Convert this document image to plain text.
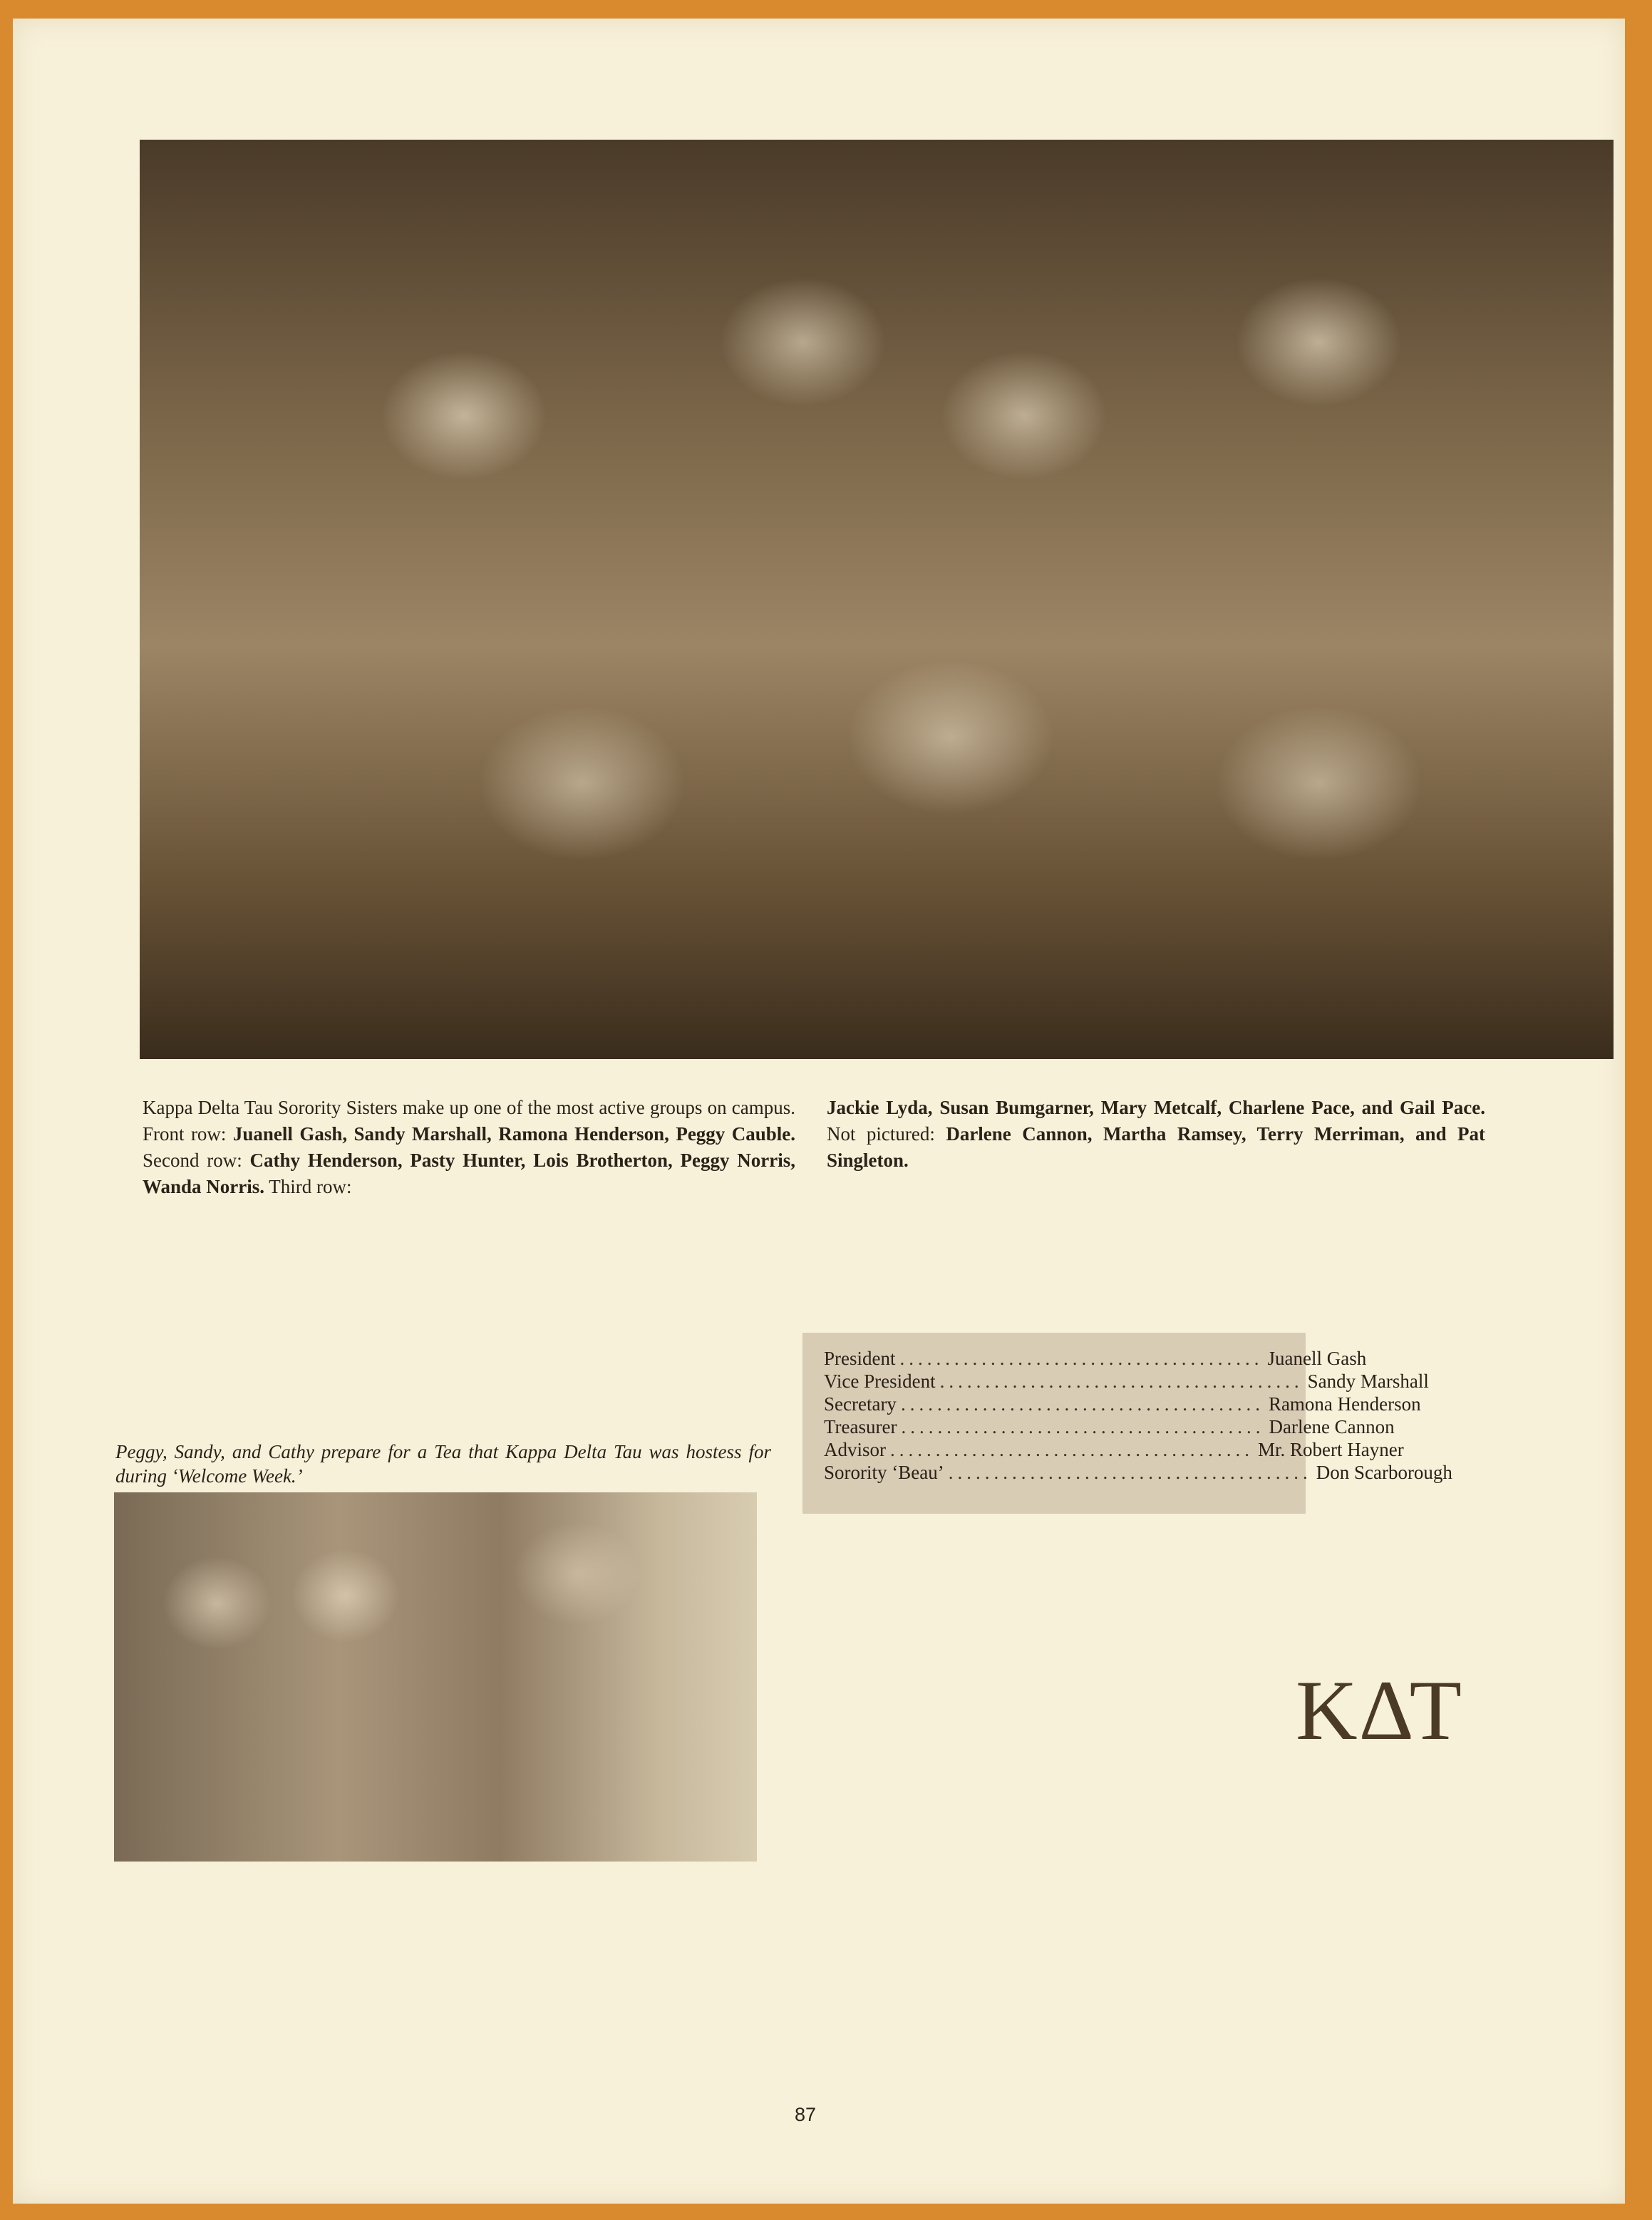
Kappa Delta Tau Sorority Sisters make up one of the most active groups on campus. Front row: Juanell Gash, Sandy Marshall, Ramona Henderson, Peggy Cauble. Second row: Cathy Henderson, Pasty Hunter, Lois Brotherton, Peggy Norris, Wanda Norris. Third row:
Jackie Lyda, Susan Bumgarner, Mary Metcalf, Charlene Pace, and Gail Pace. Not pictured: Darlene Cannon, Martha Ramsey, Terry Merriman, and Pat Singleton.
President ........................................ Juanell Gash
Vice President ........................................ Sandy Marshall
Secretary ........................................ Ramona Henderson
Treasurer ........................................ Darlene Cannon
Advisor ........................................ Mr. Robert Hayner
Sorority ‘Beau’ ........................................ Don Scarborough
Peggy, Sandy, and Cathy prepare for a Tea that Kappa Delta Tau was hostess for during ‘Welcome Week.’
ΚΔΤ
87
